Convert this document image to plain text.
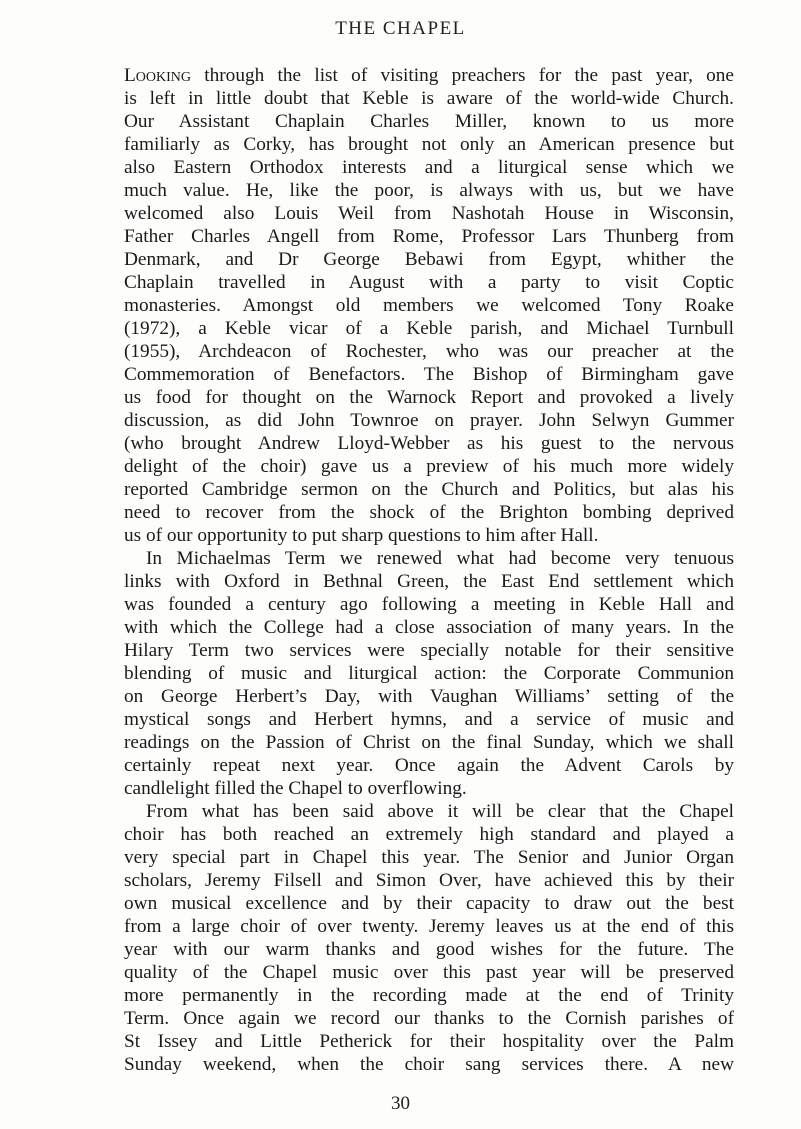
THE CHAPEL
Looking through the list of visiting preachers for the past year, one
is left in little doubt that Keble is aware of the world-wide Church.
Our Assistant Chaplain Charles Miller, known to us more
familiarly as Corky, has brought not only an American presence but
also Eastern Orthodox interests and a liturgical sense which we
much value. He, like the poor, is always with us, but we have
welcomed also Louis Weil from Nashotah House in Wisconsin,
Father Charles Angell from Rome, Professor Lars Thunberg from
Denmark, and Dr George Bebawi from Egypt, whither the
Chaplain travelled in August with a party to visit Coptic
monasteries. Amongst old members we welcomed Tony Roake
(1972), a Keble vicar of a Keble parish, and Michael Turnbull
(1955), Archdeacon of Rochester, who was our preacher at the
Commemoration of Benefactors. The Bishop of Birmingham gave
us food for thought on the Warnock Report and provoked a lively
discussion, as did John Townroe on prayer. John Selwyn Gummer
(who brought Andrew Lloyd-Webber as his guest to the nervous
delight of the choir) gave us a preview of his much more widely
reported Cambridge sermon on the Church and Politics, but alas his
need to recover from the shock of the Brighton bombing deprived
us of our opportunity to put sharp questions to him after Hall.
In Michaelmas Term we renewed what had become very tenuous
links with Oxford in Bethnal Green, the East End settlement which
was founded a century ago following a meeting in Keble Hall and
with which the College had a close association of many years. In the
Hilary Term two services were specially notable for their sensitive
blending of music and liturgical action: the Corporate Communion
on George Herbert’s Day, with Vaughan Williams’ setting of the
mystical songs and Herbert hymns, and a service of music and
readings on the Passion of Christ on the final Sunday, which we shall
certainly repeat next year. Once again the Advent Carols by
candlelight filled the Chapel to overflowing.
From what has been said above it will be clear that the Chapel
choir has both reached an extremely high standard and played a
very special part in Chapel this year. The Senior and Junior Organ
scholars, Jeremy Filsell and Simon Over, have achieved this by their
own musical excellence and by their capacity to draw out the best
from a large choir of over twenty. Jeremy leaves us at the end of this
year with our warm thanks and good wishes for the future. The
quality of the Chapel music over this past year will be preserved
more permanently in the recording made at the end of Trinity
Term. Once again we record our thanks to the Cornish parishes of
St Issey and Little Petherick for their hospitality over the Palm
Sunday weekend, when the choir sang services there. A new
30
